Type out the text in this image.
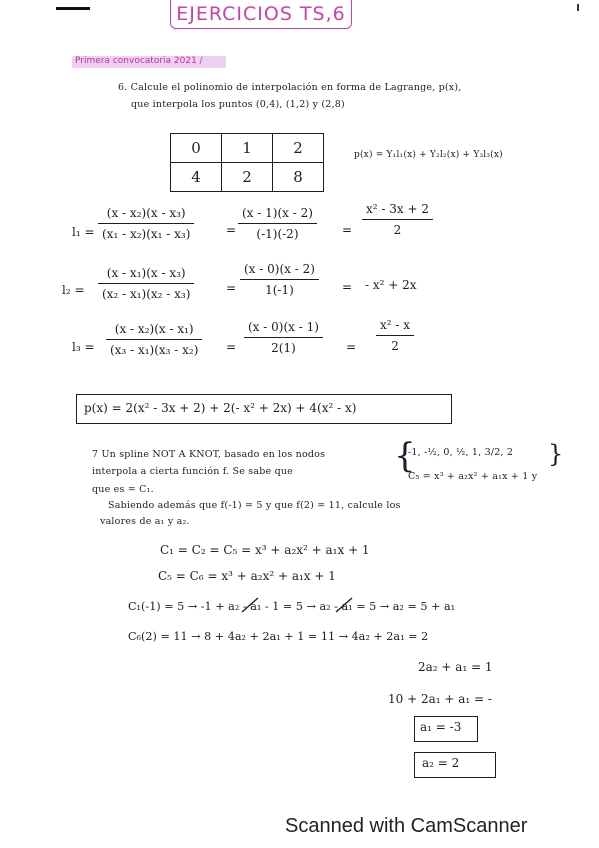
EJERCICIOS TS,6
Primera convocatoria 2021 /
6. Calcule el polinomio de interpolación en forma de Lagrange, p(x),
que interpola los puntos (0,4), (1,2) y (2,8)
0	1	2
4	2	8
p(x) = Y₁l₁(x) + Y₂l₂(x) + Y₃l₃(x)
l₁ =
(x - x₂)(x - x₃)
(x₁ - x₂)(x₁ - x₃)	=
(x - 1)(x - 2)
(-1)(-2)	=
x² - 3x + 2
2
l₂ =
(x - x₁)(x - x₃)
(x₂ - x₁)(x₂ - x₃)	=
(x - 0)(x - 2)
1(-1)	= - x² + 2x
l₃ =
(x - x₂)(x - x₁)
(x₃ - x₁)(x₃ - x₂)	=
(x - 0)(x - 1)
2(1)	=
x² - x
2
p(x) = 2(x² - 3x + 2) + 2(- x² + 2x) + 4(x² - x)
7 Un spline NOT A KNOT, basado en los nodos {
-1, -½, 0, ½, 1, 3/2, 2 }
interpola a cierta función f. Se sabe que	C₅ = x³ + a₂x² + a₁x + 1 y
que es = C₁.
Sabiendo además que f(-1) = 5 y que f(2) = 11, calcule los
valores de a₁ y a₂.
C₁ = C₂ = C₅ = x³ + a₂x² + a₁x + 1
C₅ = C₆ = x³ + a₂x² + a₁x + 1
C₁(-1) = 5 → -1 + a₂ - a₁ - 1 = 5 → a₂ - a₁ = 5 → a₂ = 5 + a₁
C₆(2) = 11 → 8 + 4a₂ + 2a₁ + 1 = 11 → 4a₂ + 2a₁ = 2
2a₂ + a₁ = 1
10 + 2a₁ + a₁ = -
a₁ = -3
a₂ = 2
Scanned with CamScanner
